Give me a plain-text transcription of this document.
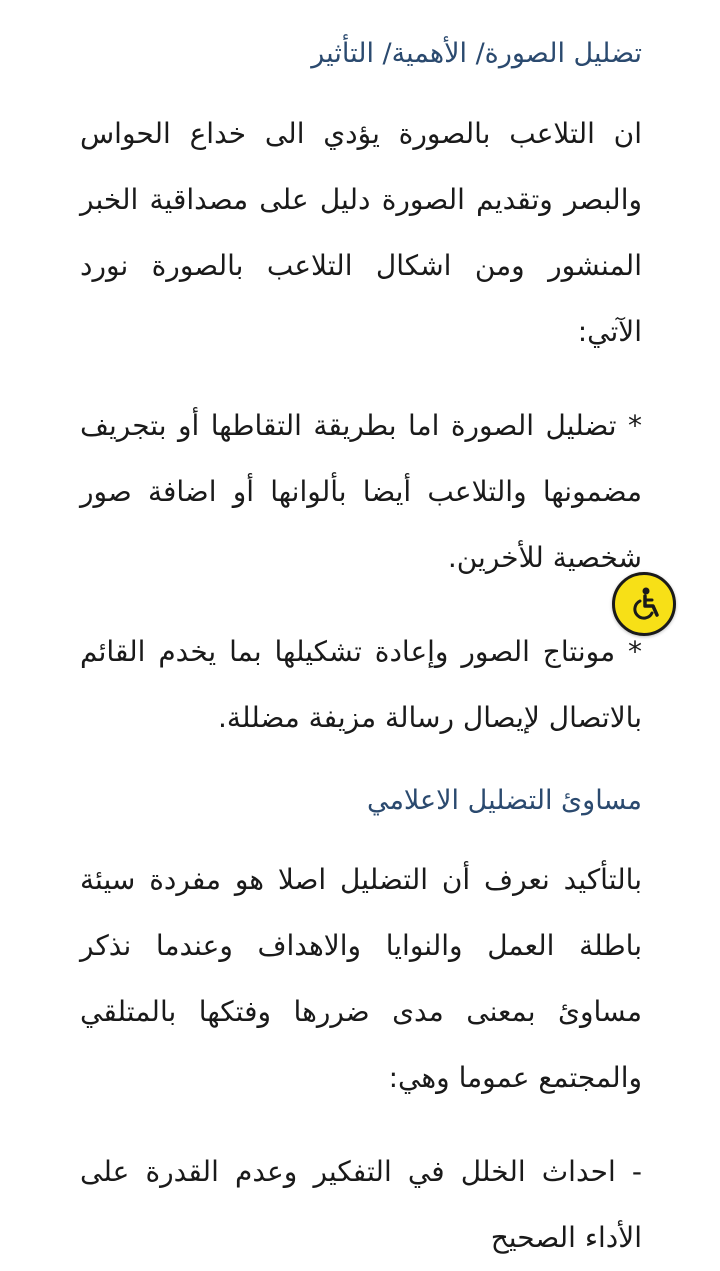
تضليل الصورة/ الأهمية/ التأثير

ان التلاعب بالصورة يؤدي الى خداع الحواس والبصر وتقديم الصورة دليل على مصداقية الخبر المنشور ومن اشكال التلاعب بالصورة نورد الآتي:

* تضليل الصورة اما بطريقة التقاطها أو بتجريف مضمونها والتلاعب أيضا بألوانها أو اضافة صور شخصية للأخرين.

* مونتاج الصور وإعادة تشكيلها بما يخدم القائم بالاتصال لإيصال رسالة مزيفة مضللة.

مساوئ التضليل الاعلامي

بالتأكيد نعرف أن التضليل اصلا هو مفردة سيئة باطلة العمل والنوايا والاهداف وعندما نذكر مساوئ بمعنى مدى ضررها وفتكها بالمتلقي والمجتمع عموما وهي:

- احداث الخلل في التفكير وعدم القدرة على الأداء الصحيح
